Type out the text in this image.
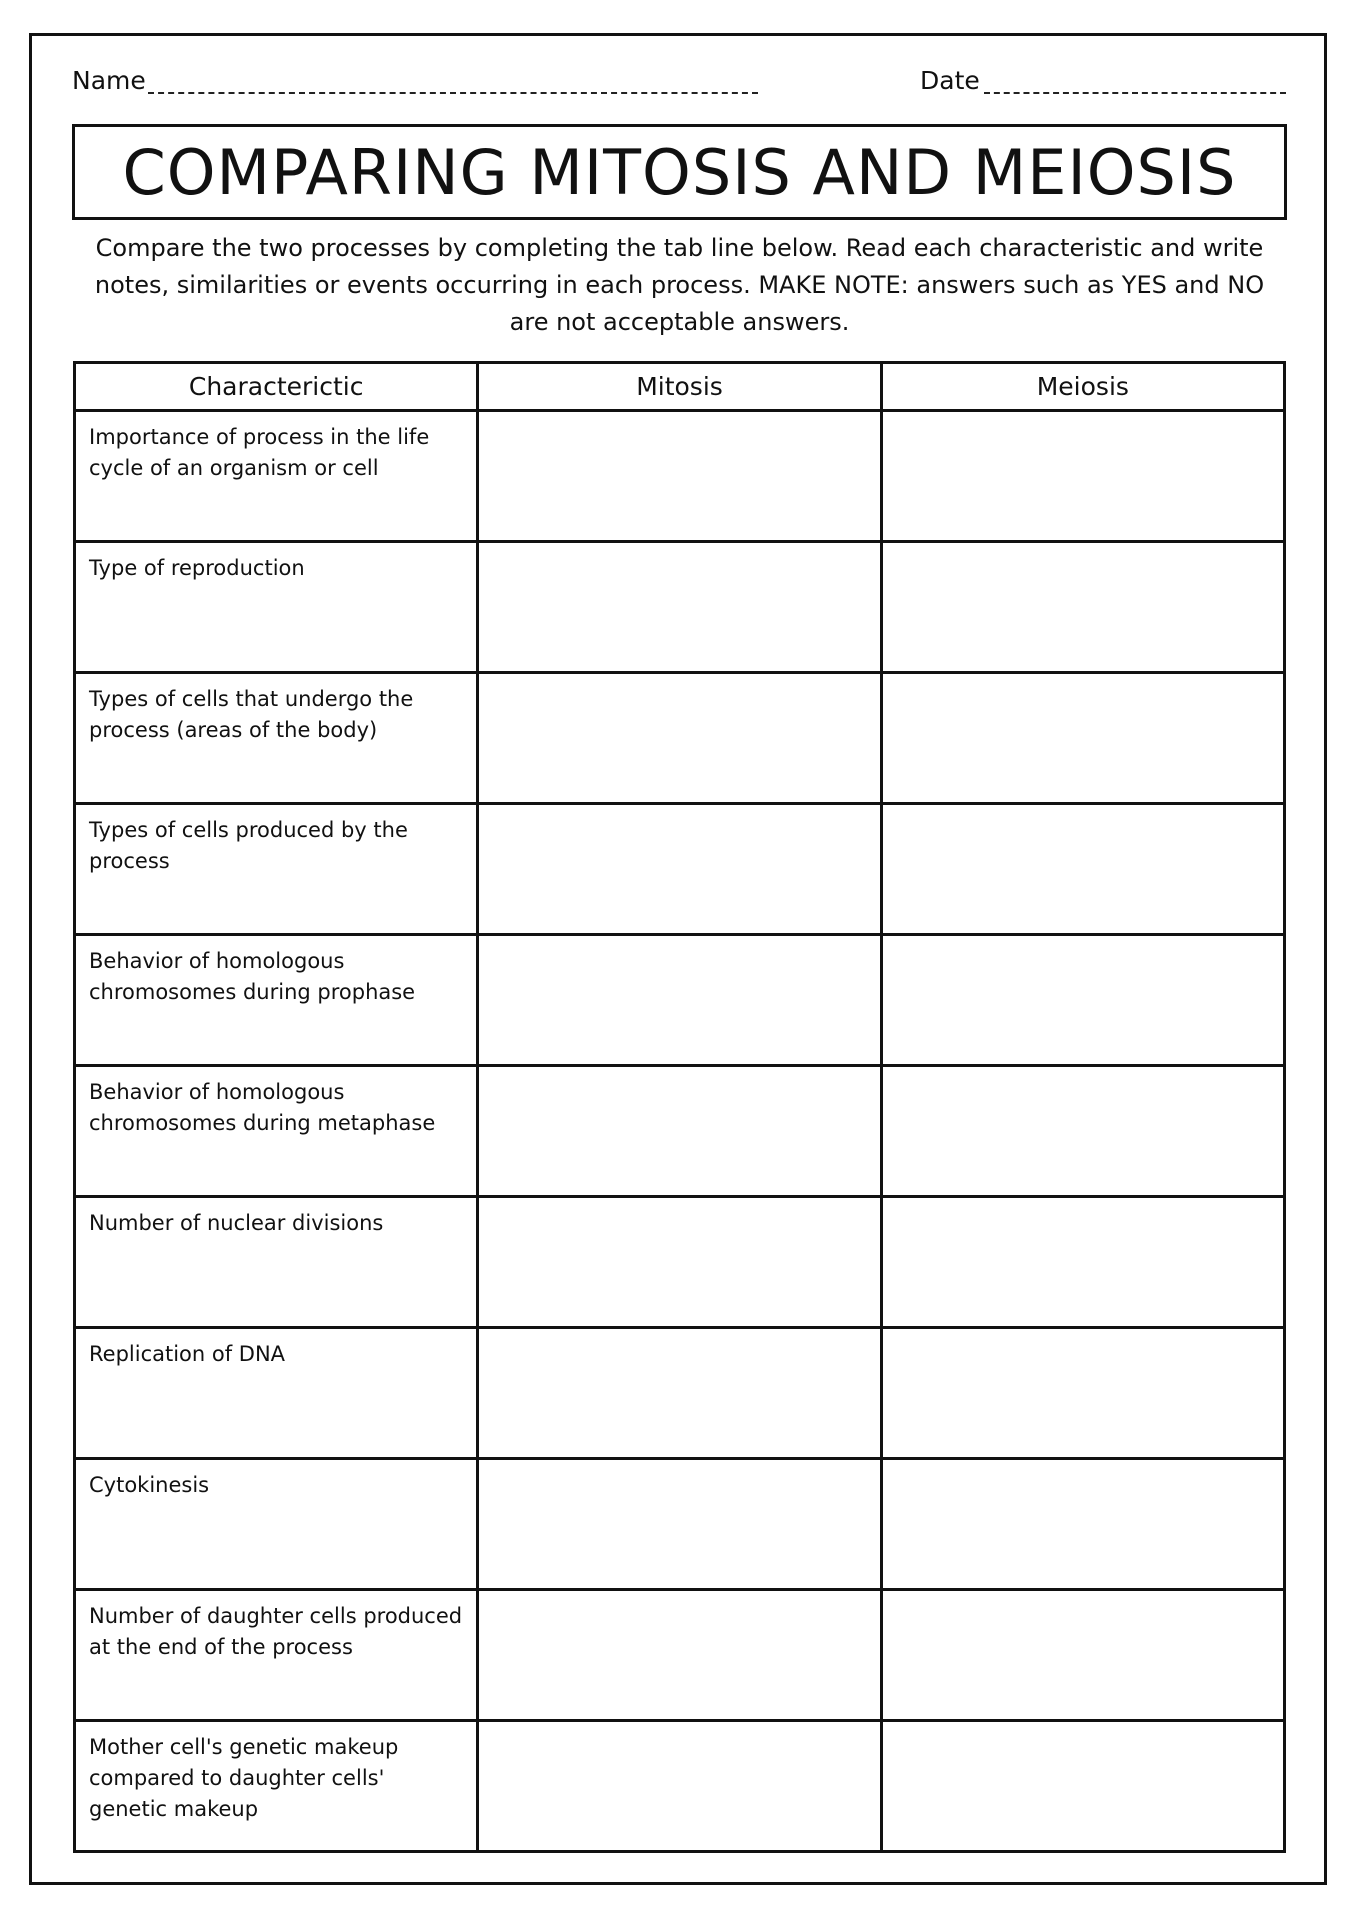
Name	Date
COMPARING MITOSIS AND MEIOSIS
Compare the two processes by completing the tab line below. Read each characteristic and write notes, similarities or events occurring in each process. MAKE NOTE: answers such as YES and NO are not acceptable answers.
Characterictic	Mitosis	Meiosis
Importance of process in the life cycle of an organism or cell		
Type of reproduction		
Types of cells that undergo the process (areas of the body)		
Types of cells produced by the process		
Behavior of homologous chromosomes during prophase		
Behavior of homologous chromosomes during metaphase		
Number of nuclear divisions		
Replication of DNA		
Cytokinesis		
Number of daughter cells produced at the end of the process		
Mother cell's genetic makeup compared to daughter cells' genetic makeup		
